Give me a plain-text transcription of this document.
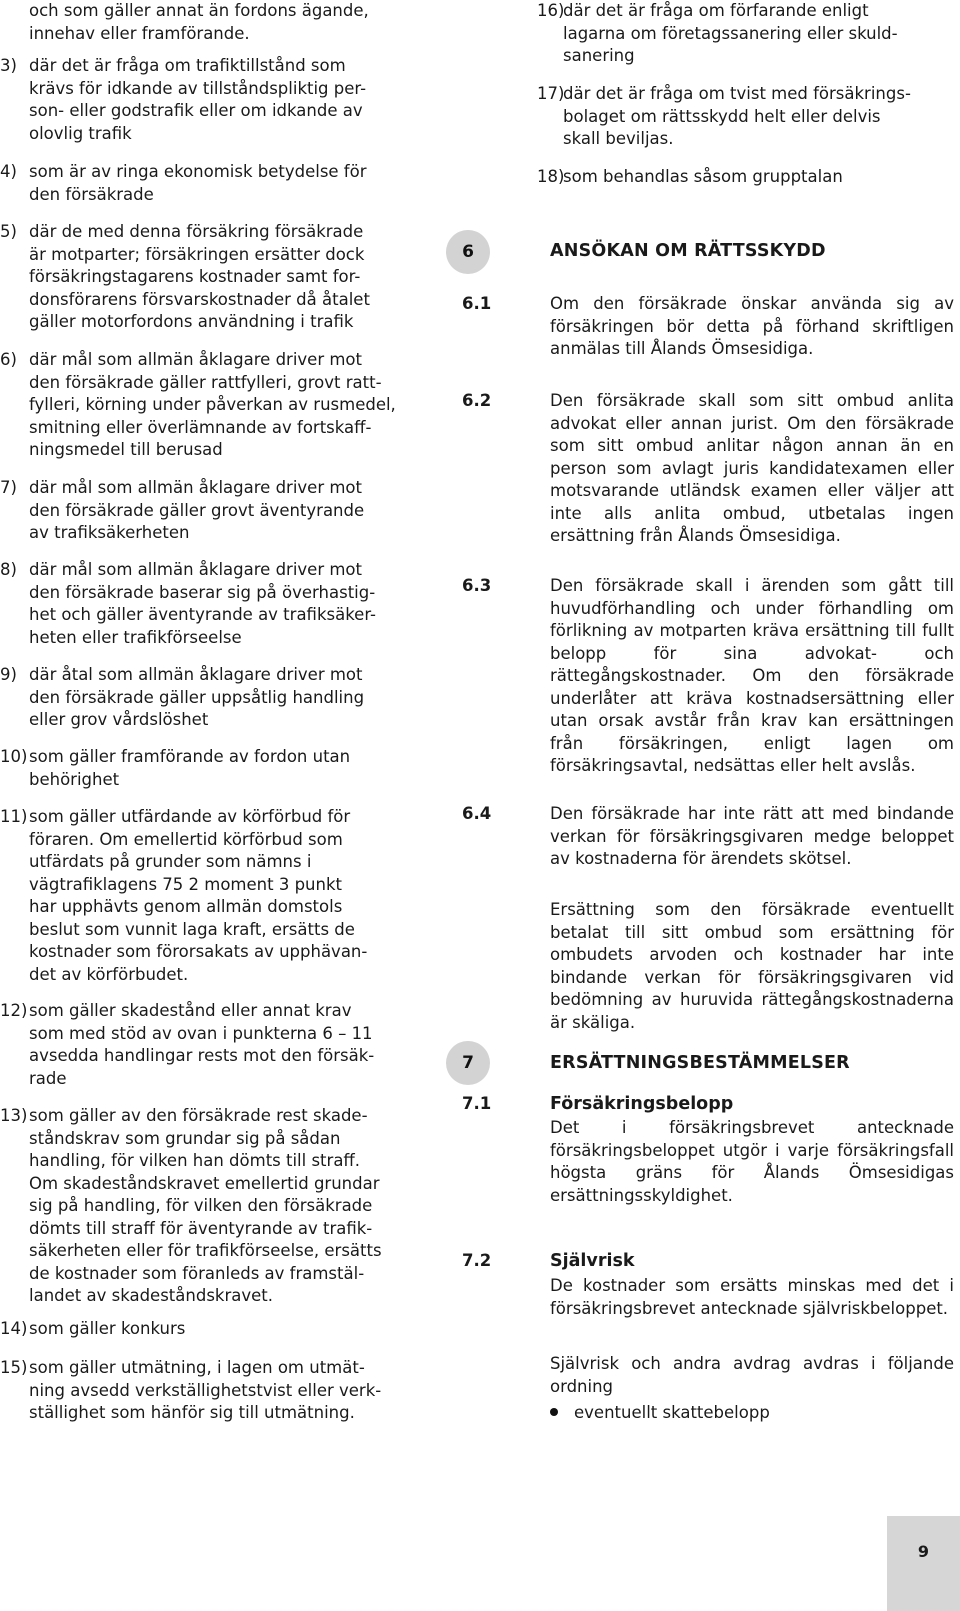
och som gäller annat än fordons ägande,
innehav eller framförande.
3) där det är fråga om trafiktillstånd som
krävs för idkande av tillståndspliktig per-
son- eller godstrafik eller om idkande av
olovlig trafik
4) som är av ringa ekonomisk betydelse för
den försäkrade
5) där de med denna försäkring försäkrade
är motparter; försäkringen ersätter dock
försäkringstagarens kostnader samt for-
donsförarens försvarskostnader då åtalet
gäller motorfordons användning i trafik
6) där mål som allmän åklagare driver mot
den försäkrade gäller rattfylleri, grovt ratt-
fylleri, körning under påverkan av rusmedel,
smitning eller överlämnande av fortskaff-
ningsmedel till berusad
7) där mål som allmän åklagare driver mot
den försäkrade gäller grovt äventyrande
av trafiksäkerheten
8) där mål som allmän åklagare driver mot
den försäkrade baserar sig på överhastig-
het och gäller äventyrande av trafiksäker-
heten eller trafikförseelse
9) där åtal som allmän åklagare driver mot
den försäkrade gäller uppsåtlig handling
eller grov vårdslöshet
10) som gäller framförande av fordon utan
behörighet
11) som gäller utfärdande av körförbud för
föraren. Om emellertid körförbud som
utfärdats på grunder som nämns i
vägtrafiklagens 75 2 moment 3 punkt
har upphävts genom allmän domstols
beslut som vunnit laga kraft, ersätts de
kostnader som förorsakats av upphävan-
det av körförbudet.
12) som gäller skadestånd eller annat krav
som med stöd av ovan i punkterna 6 – 11
avsedda handlingar rests mot den försäk-
rade
13) som gäller av den försäkrade rest skade-
ståndskrav som grundar sig på sådan
handling, för vilken han dömts till straff.
Om skadeståndskravet emellertid grundar
sig på handling, för vilken den försäkrade
dömts till straff för äventyrande av trafik-
säkerheten eller för trafikförseelse, ersätts
de kostnader som föranleds av framstäl-
landet av skadeståndskravet.
14) som gäller konkurs
15) som gäller utmätning, i lagen om utmät-
ning avsedd verkställighetstvist eller verk-
ställighet som hänför sig till utmätning.
16)
där det är fråga om förfarande enligt
lagarna om företagssanering eller skuld-
sanering
17)
där det är fråga om tvist med försäkrings-
bolaget om rättsskydd helt eller delvis
skall beviljas.
18)
som behandlas såsom grupptalan
6	ANSÖKAN OM RÄTTSSKYDD
6.1	Om den försäkrade önskar använda sig av försäkringen bör detta på förhand skriftligen anmälas till Ålands Ömsesidiga.
6.2	Den försäkrade skall som sitt ombud anlita advokat eller annan jurist. Om den försäkrade som sitt ombud anlitar någon annan än en person som avlagt juris kandidatexamen eller motsvarande utländsk examen eller väljer att inte alls anlita ombud, utbetalas ingen ersättning från Ålands Ömsesidiga.
6.3	Den försäkrade skall i ärenden som gått till huvudförhandling och under förhandling om förlikning av motparten kräva ersättning till fullt belopp för sina advokat- och rättegångskostnader. Om den försäkrade underlåter att kräva kostnadsersättning eller utan orsak avstår från krav kan ersättningen från försäkringen, enligt lagen om försäkringsavtal, nedsättas eller helt avslås.
6.4	Den försäkrade har inte rätt att med bindande verkan för försäkringsgivaren medge beloppet av kostnaderna för ärendets skötsel.
Ersättning som den försäkrade eventuellt betalat till sitt ombud som ersättning för ombudets arvoden och kostnader har inte bindande verkan för försäkringsgivaren vid bedömning av huruvida rättegångskostnaderna är skäliga.
7	ERSÄTTNINGSBESTÄMMELSER
7.1	Försäkringsbelopp
Det i försäkringsbrevet antecknade försäkringsbeloppet utgör i varje försäkringsfall högsta gräns för Ålands Ömsesidigas ersättningsskyldighet.
7.2	Självrisk
De kostnader som ersätts minskas med det i försäkringsbrevet antecknade självriskbeloppet.
Självrisk och andra avdrag avdras i följande ordning
eventuellt skattebelopp
9
